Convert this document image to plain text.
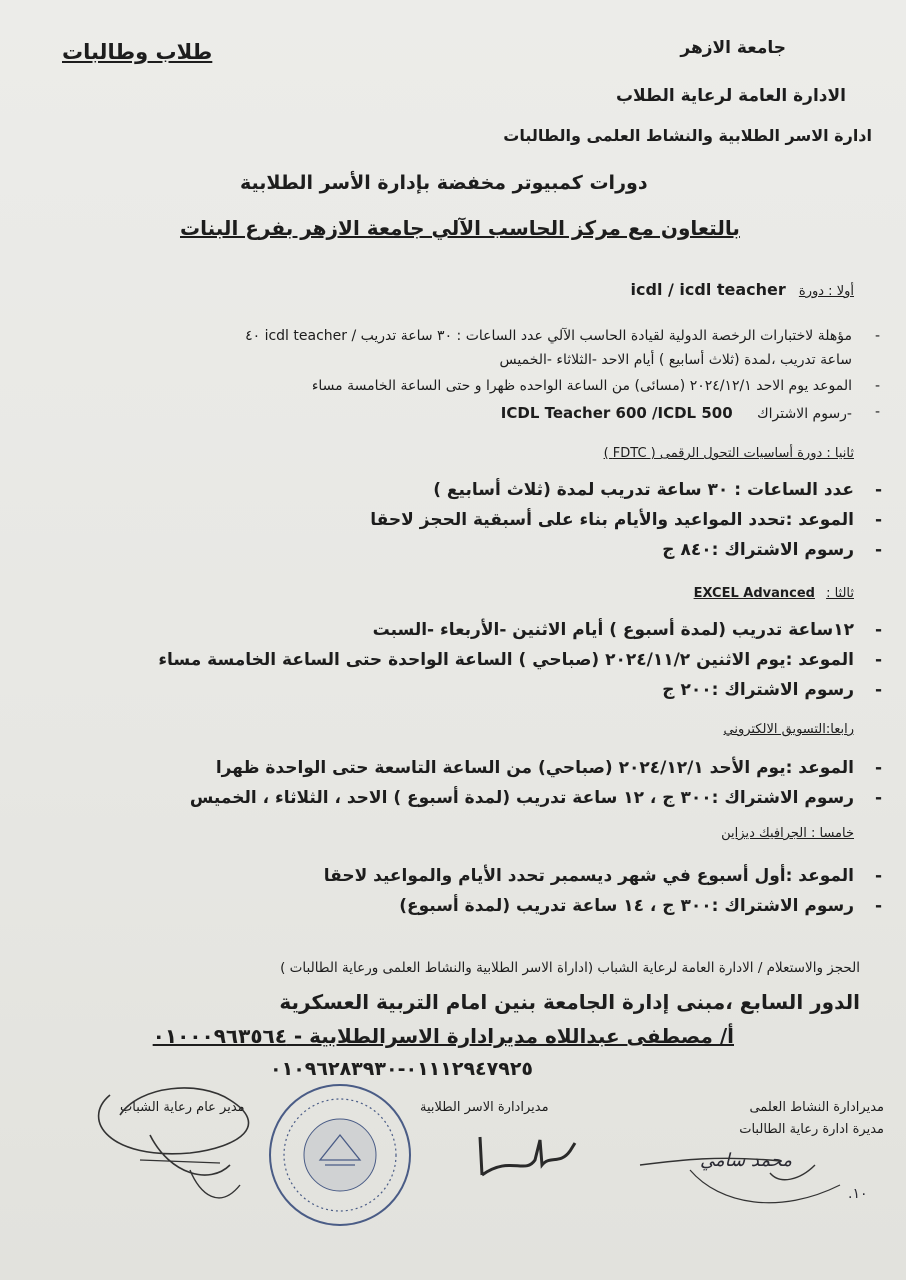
جامعة الازهر
الادارة العامة لرعاية الطلاب
ادارة الاسر الطلابية والنشاط العلمى والطالبات
طلاب وطالبات
دورات كمبيوتر مخفضة بإدارة الأسر الطلابية
بالتعاون مع مركز الحاسب الآلي جامعة الازهر بفرع البنات
أولا : دورة icdl / icdl teacher
-
مؤهلة لاختبارات الرخصة الدولية لقيادة الحاسب الآلي عدد الساعات : ٣٠ ساعة تدريب / icdl teacher ٤٠
ساعة تدريب ،لمدة (ثلاث أسابيع ) أيام الاحد -الثلاثاء -الخميس
-
الموعد يوم الاحد ٢٠٢٤/١٢/١ (مسائى) من الساعة الواحده ظهرا و حتى الساعة الخامسة مساء
-
-رسوم الاشتراك ICDL Teacher 600 /ICDL 500
ثانيا : دورة أساسيات التحول الرقمى ( FDTC )
-
عدد الساعات : ٣٠ ساعة تدريب لمدة (ثلاث أسابيع )
-
الموعد :تحدد المواعيد والأيام بناء على أسبقية الحجز لاحقا
-
رسوم الاشتراك :٨٤٠ ج
ثالثا : EXCEL Advanced
-
١٢ساعة تدريب (لمدة أسبوع ) أيام الاثنين -الأربعاء -السبت
-
الموعد :يوم الاثنين ٢٠٢٤/١١/٢ (صباحي ) الساعة الواحدة حتى الساعة الخامسة مساء
-
رسوم الاشتراك :٢٠٠ ج
رابعا:التسويق الالكتروني
-
الموعد :يوم الأحد ٢٠٢٤/١٢/١ (صباحي) من الساعة التاسعة حتى الواحدة ظهرا
-
رسوم الاشتراك :٣٠٠ ج ، ١٢ ساعة تدريب (لمدة أسبوع ) الاحد ، الثلاثاء ، الخميس
خامسا : الجرافيك ديزاين
-
الموعد :أول أسبوع في شهر ديسمبر تحدد الأيام والمواعيد لاحقا
-
رسوم الاشتراك :٣٠٠ ج ، ١٤ ساعة تدريب (لمدة أسبوع)
الحجز والاستعلام / الادارة العامة لرعاية الشباب (اداراة الاسر الطلابية والنشاط العلمى ورعاية الطالبات )
الدور السابع ،مبنى إدارة الجامعة بنين امام التربية العسكرية
أ/ مصطفى عبداللاه مديرادارة الاسرالطلابية - ٠١٠٠٠٩٦٣٥٦٤
٠١١١٢٩٤٧٩٢٥-٠١٠٩٦٢٨٣٩٣٠
مدير عام رعاية الشباب	مديرادارة الاسر الطلابية	مديرادارة النشاط العلمى
مديرة ادارة رعاية الطالبات
محمد سامي
١٠.
